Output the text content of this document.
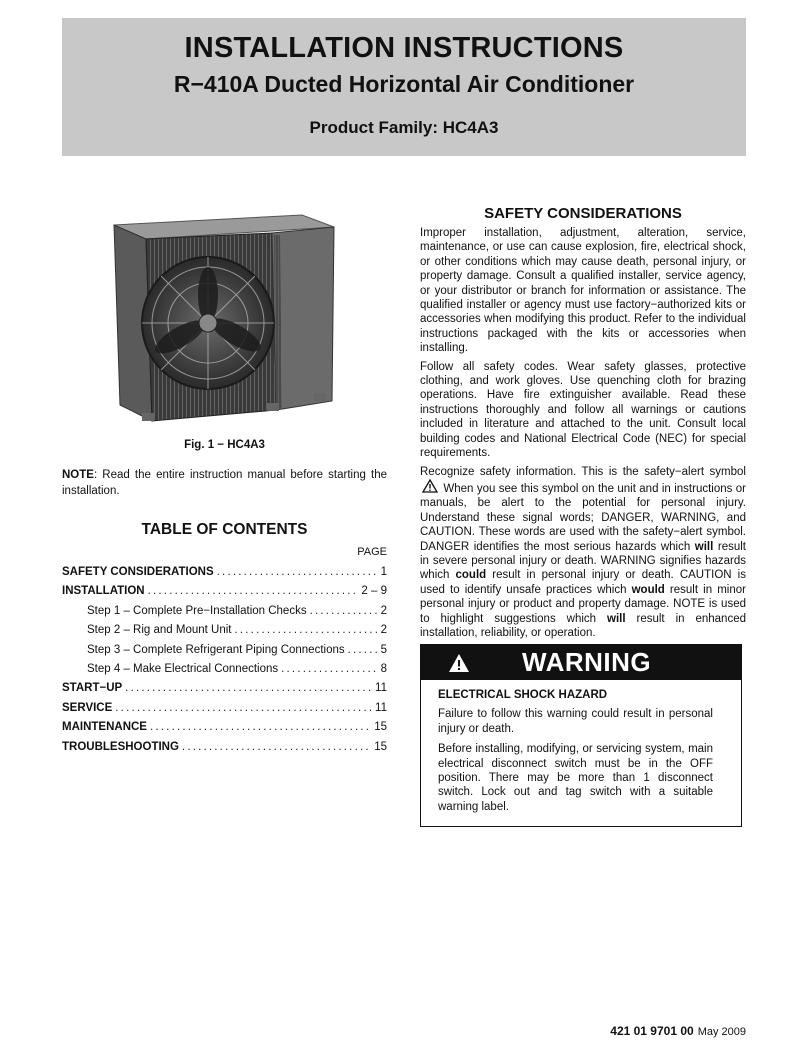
INSTALLATION INSTRUCTIONS
R−410A Ducted Horizontal Air Conditioner
Product Family: HC4A3
Fig. 1 − HC4A3
NOTE: Read the entire instruction manual before starting the installation.
TABLE OF CONTENTS
PAGE
SAFETY CONSIDERATIONS .....	1
INSTALLATION .....	2 – 9
Step 1 – Complete Pre−Installation Checks .....	2
Step 2 – Rig and Mount Unit .....	2
Step 3 – Complete Refrigerant Piping Connections .....	5
Step 4 – Make Electrical Connections .....	8
START−UP .....	11
SERVICE .....	11
MAINTENANCE .....	15
TROUBLESHOOTING .....	15
SAFETY CONSIDERATIONS

Improper installation, adjustment, alteration, service, maintenance, or use can cause explosion, fire, electrical shock, or other conditions which may cause death, personal injury, or property damage. Consult a qualified installer, service agency, or your distributor or branch for information or assistance. The qualified installer or agency must use factory−authorized kits or accessories when modifying this product. Refer to the individual instructions packaged with the kits or accessories when installing.

Follow all safety codes. Wear safety glasses, protective clothing, and work gloves. Use quenching cloth for brazing operations. Have fire extinguisher available. Read these instructions thoroughly and follow all warnings or cautions included in literature and attached to the unit. Consult local building codes and National Electrical Code (NEC) for special requirements.

Recognize safety information. This is the safety−alert symbol  When you see this symbol on the unit and in instructions or manuals, be alert to the potential for personal injury. Understand these signal words; DANGER, WARNING, and CAUTION. These words are used with the safety−alert symbol. DANGER identifies the most serious hazards which will result in severe personal injury or death. WARNING signifies hazards which could result in personal injury or death. CAUTION is used to identify unsafe practices which would result in minor personal injury or product and property damage. NOTE is used to highlight suggestions which will result in enhanced installation, reliability, or operation.

WARNING
ELECTRICAL SHOCK HAZARD

Failure to follow this warning could result in personal injury or death.

Before installing, modifying, or servicing system, main electrical disconnect switch must be in the OFF position. There may be more than 1 disconnect switch. Lock out and tag switch with a suitable warning label.

421 01 9701 00 May 2009
